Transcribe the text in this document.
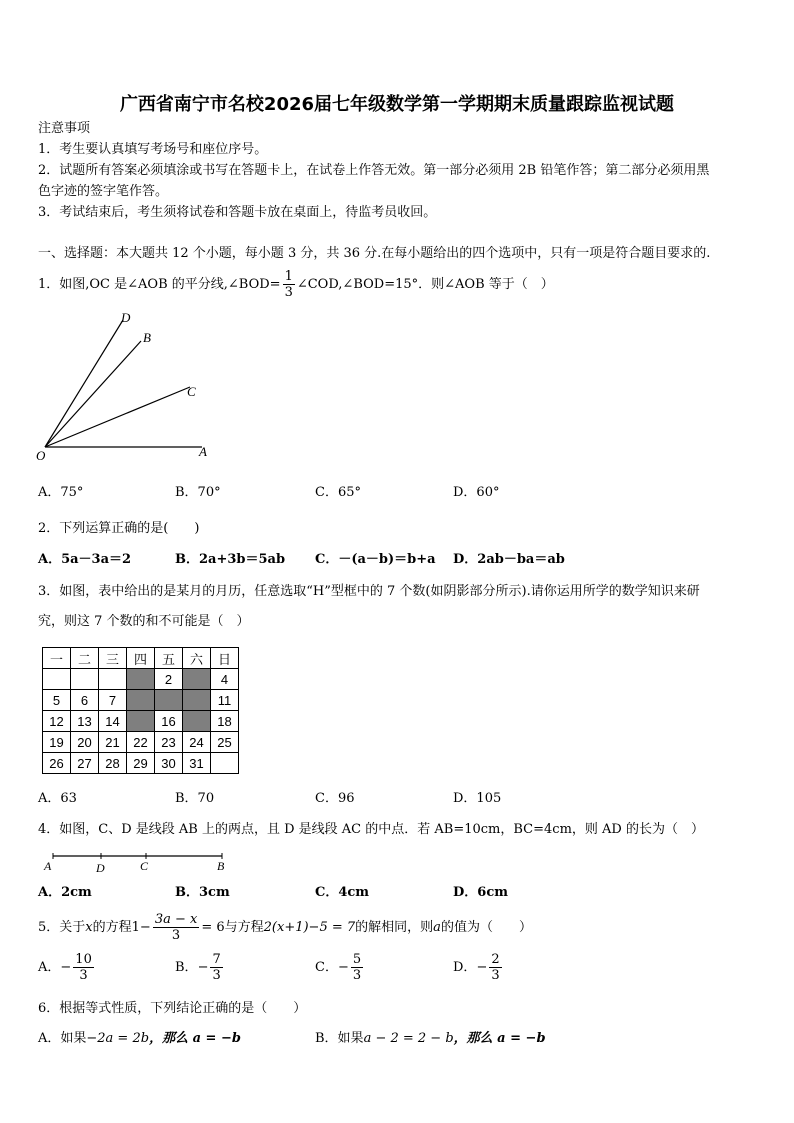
广西省南宁市名校2026届七年级数学第一学期期末质量跟踪监视试题
注意事项
1．考生要认真填写考场号和座位序号。
2．试题所有答案必须填涂或书写在答题卡上，在试卷上作答无效。第一部分必须用 2B 铅笔作答；第二部分必须用黑
色字迹的签字笔作答。
3．考试结束后，考生须将试卷和答题卡放在桌面上，待监考员收回。
一、选择题：本大题共 12 个小题，每小题 3 分，共 36 分.在每小题给出的四个选项中，只有一项是符合题目要求的.
1．如图,OC 是∠AOB 的平分线,∠BOD= $\frac{1}{3}$ ∠COD,∠BOD=15°．则∠AOB 等于（　）
D
B
C
O	A
A．75°	B．70°	C．65°	D．60°
2．下列运算正确的是(　　)
A．5a－3a＝2	B．2a+3b＝5ab C．－(a－b)＝b+a D．2ab－ba＝ab
3．如图，表中给出的是某月的月历，任意选取“H”型框中的 7 个数(如阴影部分所示).请你运用所学的数学知识来研
究，则这 7 个数的和不可能是（　）
一	二	三	四	五	六	日
				2		4
5	6	7				11
12	13	14		16		18
19	20	21	22	23	24	25
26	27	28	29	30	31	
A．63	B．70	C．96	D．105
4．如图，C、D 是线段 AB 上的两点，且 D 是线段 AC 的中点．若 AB=10cm，BC=4cm，则 AD 的长为（　）
A	D	C	B
A．2cm	B．3cm	C．4cm	D．6cm
5．关于x的方程$1- \frac{3a - x}{3} = 6$与方程2(x+1)−5 = 7的解相同，则a的值为（　　）
A．− $\frac{10}{3}$	B．− $\frac{7}{3}$	C．− $\frac{5}{3}$	D．− $\frac{2}{3}$
6．根据等式性质，下列结论正确的是（　　）
A．如果−2a = 2b，那么 a = −b	B．如果a − 2 = 2 − b，那么 a = −b
